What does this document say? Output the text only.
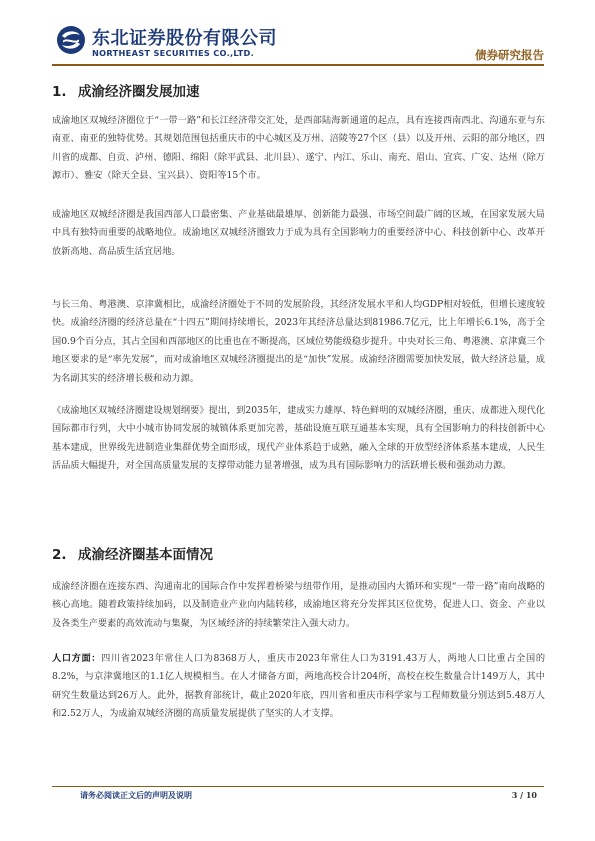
东北证券股份有限公司
NORTHEAST SECURITIES CO.,LTD.	债券研究报告
1. 成渝经济圈发展加速

成渝地区双城经济圈位于“一带一路”和长江经济带交汇处，是西部陆海新通道的起点，具有连接西南西北、沟通东亚与东南亚、南亚的独特优势。其规划范围包括重庆市的中心城区及万州、涪陵等27个区（县）以及开州、云阳的部分地区，四川省的成都、自贡、泸州、德阳、绵阳（除平武县、北川县）、遂宁、内江、乐山、南充、眉山、宜宾、广安、达州（除万源市）、雅安（除天全县、宝兴县）、资阳等15个市。

成渝地区双城经济圈是我国西部人口最密集、产业基础最雄厚、创新能力最强、市场空间最广阔的区域，在国家发展大局中具有独特而重要的战略地位。成渝地区双城经济圈致力于成为具有全国影响力的重要经济中心、科技创新中心、改革开放新高地、高品质生活宜居地。

与长三角、粤港澳、京津冀相比，成渝经济圈处于不同的发展阶段，其经济发展水平和人均GDP相对较低，但增长速度较快。成渝经济圈的经济总量在“十四五”期间持续增长，2023年其经济总量达到81986.7亿元，比上年增长6.1%，高于全国0.9个百分点，其占全国和西部地区的比重也在不断提高，区域位势能级稳步提升。中央对长三角、粤港澳、京津冀三个地区要求的是“率先发展”，而对成渝地区双城经济圈提出的是“加快”发展。成渝经济圈需要加快发展，做大经济总量，成为名副其实的经济增长极和动力源。

《成渝地区双城经济圈建设规划纲要》提出，到2035年，建成实力雄厚、特色鲜明的双城经济圈，重庆、成都进入现代化国际都市行列，大中小城市协同发展的城镇体系更加完善，基础设施互联互通基本实现，具有全国影响力的科技创新中心基本建成，世界级先进制造业集群优势全面形成，现代产业体系趋于成熟，融入全球的开放型经济体系基本建成，人民生活品质大幅提升，对全国高质量发展的支撑带动能力显著增强，成为具有国际影响力的活跃增长极和强劲动力源。

2. 成渝经济圈基本面情况

成渝经济圈在连接东西、沟通南北的国际合作中发挥着桥梁与纽带作用，是推动国内大循环和实现“一带一路”南向战略的核心高地。随着政策持续加码，以及制造业产业向内陆转移，成渝地区将充分发挥其区位优势，促进人口、资金、产业以及各类生产要素的高效流动与集聚，为区域经济的持续繁荣注入强大动力。

人口方面：四川省2023年常住人口为8368万人，重庆市2023年常住人口为3191.43万人，两地人口比重占全国的8.2%，与京津冀地区的1.1亿人规模相当。在人才储备方面，两地高校合计204所，高校在校生数量合计149万人，其中研究生数量达到26万人。此外，据教育部统计，截止2020年底，四川省和重庆市科学家与工程师数量分别达到5.48万人和2.52万人，为成渝双城经济圈的高质量发展提供了坚实的人才支撑。

请务必阅读正文后的声明及说明	3 / 10
